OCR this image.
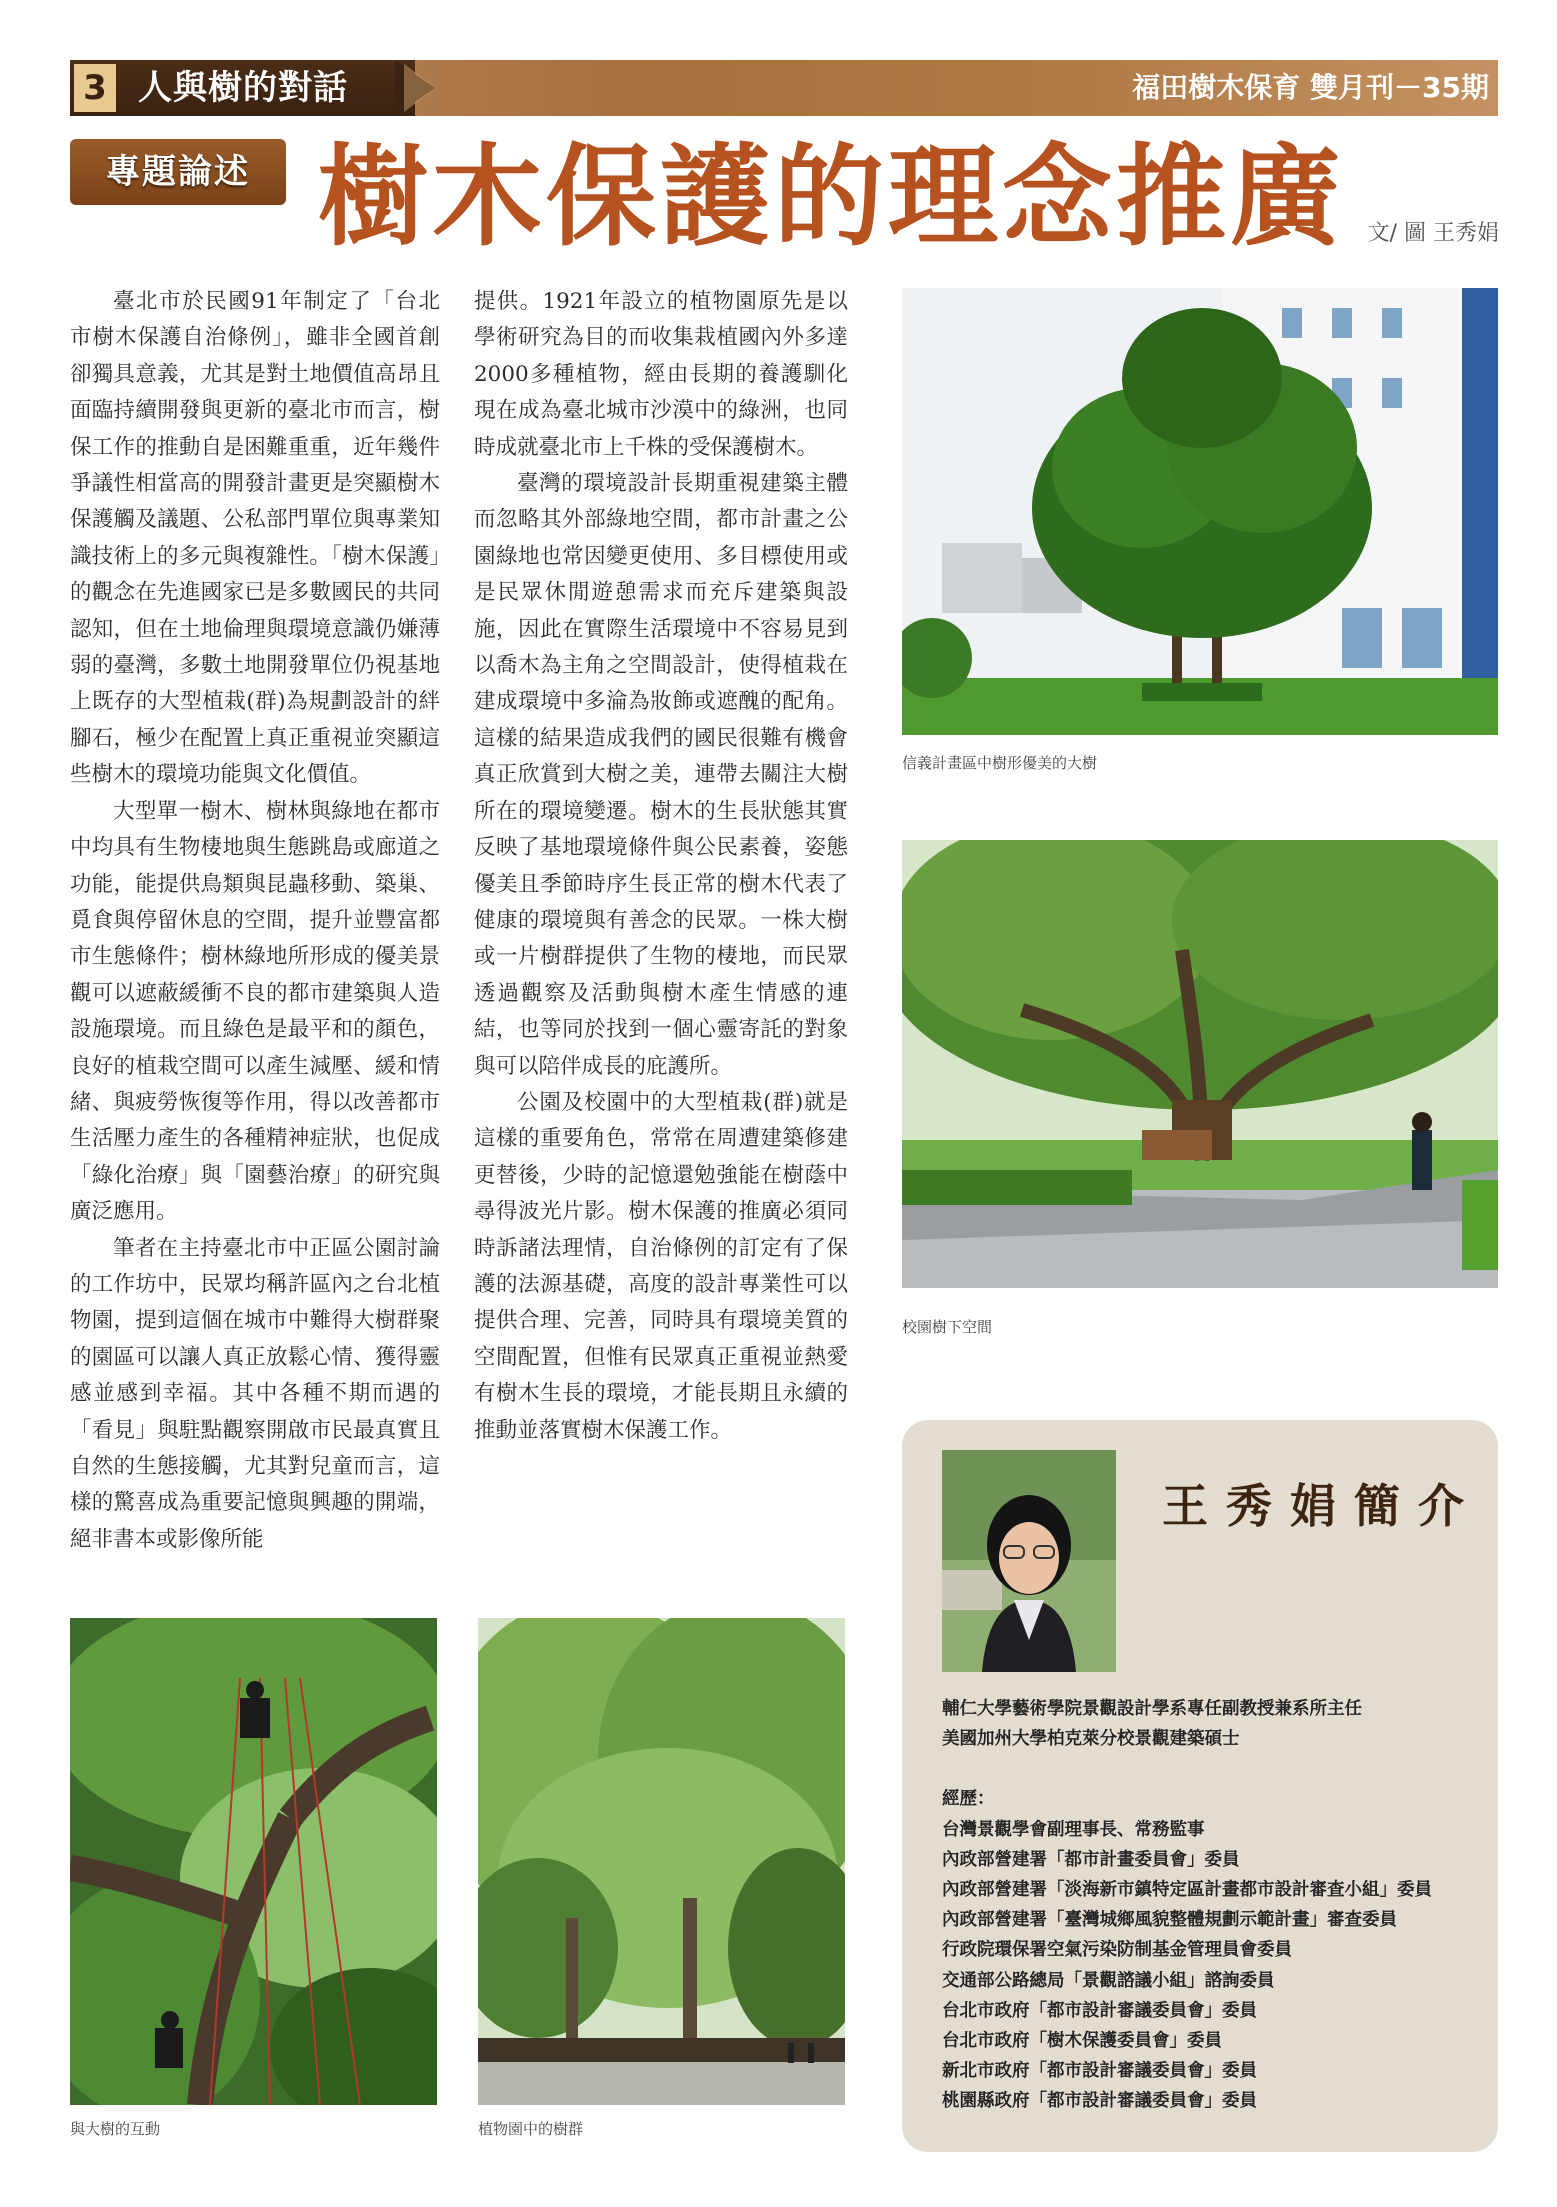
3 人與樹的對話	福田樹木保育 雙月刊－35期
專題論述 樹木保護的理念推廣 文/ 圖 王秀娟

臺北市於民國91年制定了「台北市樹木保護自治條例」，雖非全國首創卻獨具意義，尤其是對土地價值高昂且面臨持續開發與更新的臺北市而言，樹保工作的推動自是困難重重，近年幾件爭議性相當高的開發計畫更是突顯樹木保護觸及議題、公私部門單位與專業知識技術上的多元與複雜性。「樹木保護」的觀念在先進國家已是多數國民的共同認知，但在土地倫理與環境意識仍嫌薄弱的臺灣，多數土地開發單位仍視基地上既存的大型植栽(群)為規劃設計的絆腳石，極少在配置上真正重視並突顯這些樹木的環境功能與文化價值。

大型單一樹木、樹林與綠地在都市中均具有生物棲地與生態跳島或廊道之功能，能提供鳥類與昆蟲移動、築巢、覓食與停留休息的空間，提升並豐富都市生態條件；樹林綠地所形成的優美景觀可以遮蔽緩衝不良的都市建築與人造設施環境。而且綠色是最平和的顏色，良好的植栽空間可以產生減壓、緩和情緒、與疲勞恢復等作用，得以改善都市生活壓力產生的各種精神症狀，也促成「綠化治療」與「園藝治療」的研究與廣泛應用。

筆者在主持臺北市中正區公園討論的工作坊中，民眾均稱許區內之台北植物園，提到這個在城市中難得大樹群聚的園區可以讓人真正放鬆心情、獲得靈感並感到幸福。其中各種不期而遇的「看見」與駐點觀察開啟市民最真實且自然的生態接觸，尤其對兒童而言，這樣的驚喜成為重要記憶與興趣的開端，絕非書本或影像所能

提供。1921年設立的植物園原先是以學術研究為目的而收集栽植國內外多達2000多種植物，經由長期的養護馴化現在成為臺北城市沙漠中的綠洲，也同時成就臺北市上千株的受保護樹木。

臺灣的環境設計長期重視建築主體而忽略其外部綠地空間，都市計畫之公園綠地也常因變更使用、多目標使用或是民眾休閒遊憩需求而充斥建築與設施，因此在實際生活環境中不容易見到以喬木為主角之空間設計，使得植栽在建成環境中多淪為妝飾或遮醜的配角。這樣的結果造成我們的國民很難有機會真正欣賞到大樹之美，連帶去關注大樹所在的環境變遷。樹木的生長狀態其實反映了基地環境條件與公民素養，姿態優美且季節時序生長正常的樹木代表了健康的環境與有善念的民眾。一株大樹或一片樹群提供了生物的棲地，而民眾透過觀察及活動與樹木產生情感的連結，也等同於找到一個心靈寄託的對象與可以陪伴成長的庇護所。

公園及校園中的大型植栽(群)就是這樣的重要角色，常常在周遭建築修建更替後，少時的記憶還勉強能在樹蔭中尋得波光片影。樹木保護的推廣必須同時訴諸法理情，自治條例的訂定有了保護的法源基礎，高度的設計專業性可以提供合理、完善，同時具有環境美質的空間配置，但惟有民眾真正重視並熱愛有樹木生長的環境，才能長期且永續的推動並落實樹木保護工作。

信義計畫區中樹形優美的大樹
校園樹下空間
與大樹的互動	植物園中的樹群
王秀娟簡介
輔仁大學藝術學院景觀設計學系專任副教授兼系所主任
美國加州大學柏克萊分校景觀建築碩士
經歷：
台灣景觀學會副理事長、常務監事
內政部營建署「都市計畫委員會」委員
內政部營建署「淡海新市鎮特定區計畫都市設計審查小組」委員
內政部營建署「臺灣城鄉風貌整體規劃示範計畫」審查委員
行政院環保署空氣污染防制基金管理員會委員
交通部公路總局「景觀諮議小組」諮詢委員
台北市政府「都市設計審議委員會」委員
台北市政府「樹木保護委員會」委員
新北市政府「都市設計審議委員會」委員
桃園縣政府「都市設計審議委員會」委員
